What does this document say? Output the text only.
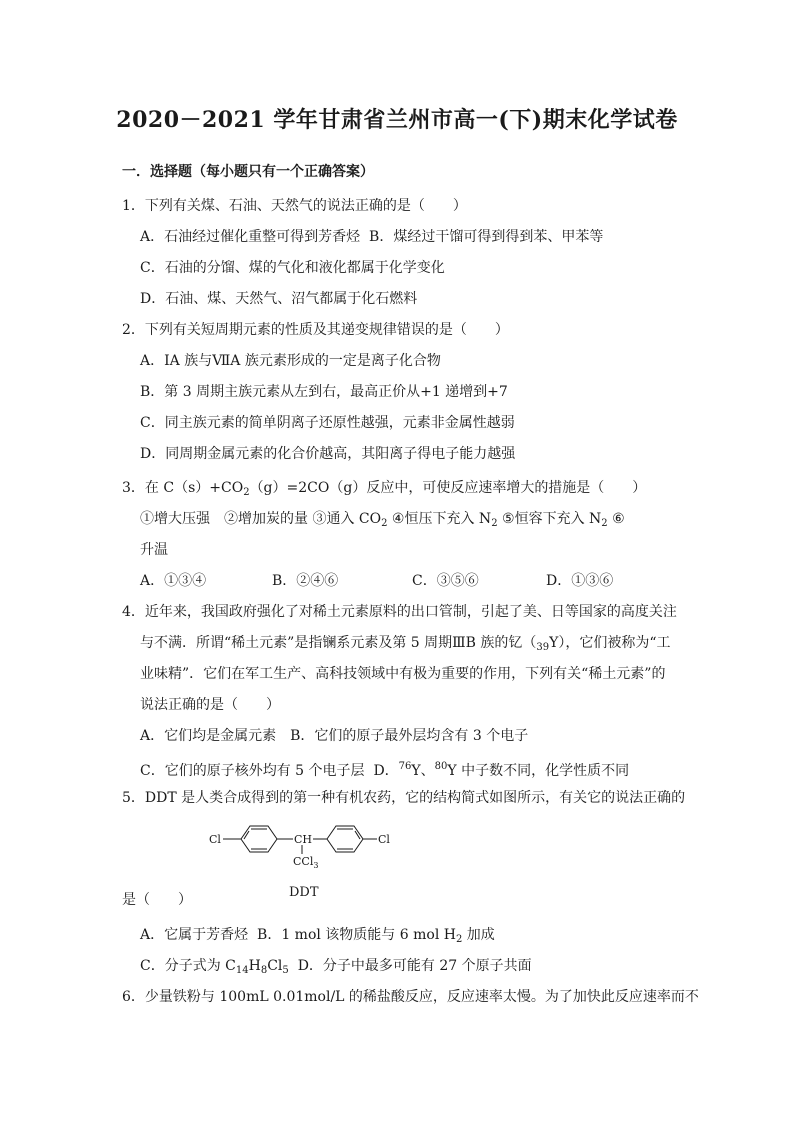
2020－2021 学年甘肃省兰州市高一(下)期末化学试卷
一．选择题（每小题只有一个正确答案）
1．下列有关煤、石油、天然气的说法正确的是（　　）
A．石油经过催化重整可得到芳香烃 B．煤经过干馏可得到得到苯、甲苯等
C．石油的分馏、煤的气化和液化都属于化学变化
D．石油、煤、天然气、沼气都属于化石燃料
2．下列有关短周期元素的性质及其递变规律错误的是（　　）
A．ⅠA 族与ⅦA 族元素形成的一定是离子化合物
B．第 3 周期主族元素从左到右，最高正价从+1 递增到+7
C．同主族元素的简单阴离子还原性越强，元素非金属性越弱
D．同周期金属元素的化合价越高，其阳离子得电子能力越强
3．在 $C(s)+CO_2(g)=2CO(g)$反应中，可使反应速率增大的措施是（　　）
①增大压强　②增加炭的量 ③通入 $CO_2$ ④恒压下充入 $N_2$ ⑤恒容下充入 $N_2$ ⑥
升温
A．①③④	B．②④⑥	C．③⑤⑥	D．①③⑥
4．近年来，我国政府强化了对稀土元素原料的出口管制，引起了美、日等国家的高度关注
与不满．所谓“稀土元素”是指镧系元素及第 5 周期ⅢB 族的钇$(_{39}Y)$，它们被称为“工
业味精”．它们在军工生产、高科技领域中有极为重要的作用，下列有关“稀土元素”的
说法正确的是（　　）
A．它们均是金属元素　B．它们的原子最外层均含有 3 个电子
C．它们的原子核外均有 5 个电子层 D．$^{76}$Y、$^{80}$Y 中子数不同，化学性质不同
5．DDT 是人类合成得到的第一种有机农药，它的结构简式如图所示，有关它的说法正确的
Cl	CH
CCl$_3$
Cl
DDT
是（　　）
A．它属于芳香烃 B．1 mol 该物质能与 6 mol $H_2$ 加成
C．分子式为 $C_{14}H_8Cl_5$ D．分子中最多可能有 27 个原子共面
6．少量铁粉与 100mL 0.01mol/L 的稀盐酸反应，反应速率太慢。为了加快此反应速率而不
